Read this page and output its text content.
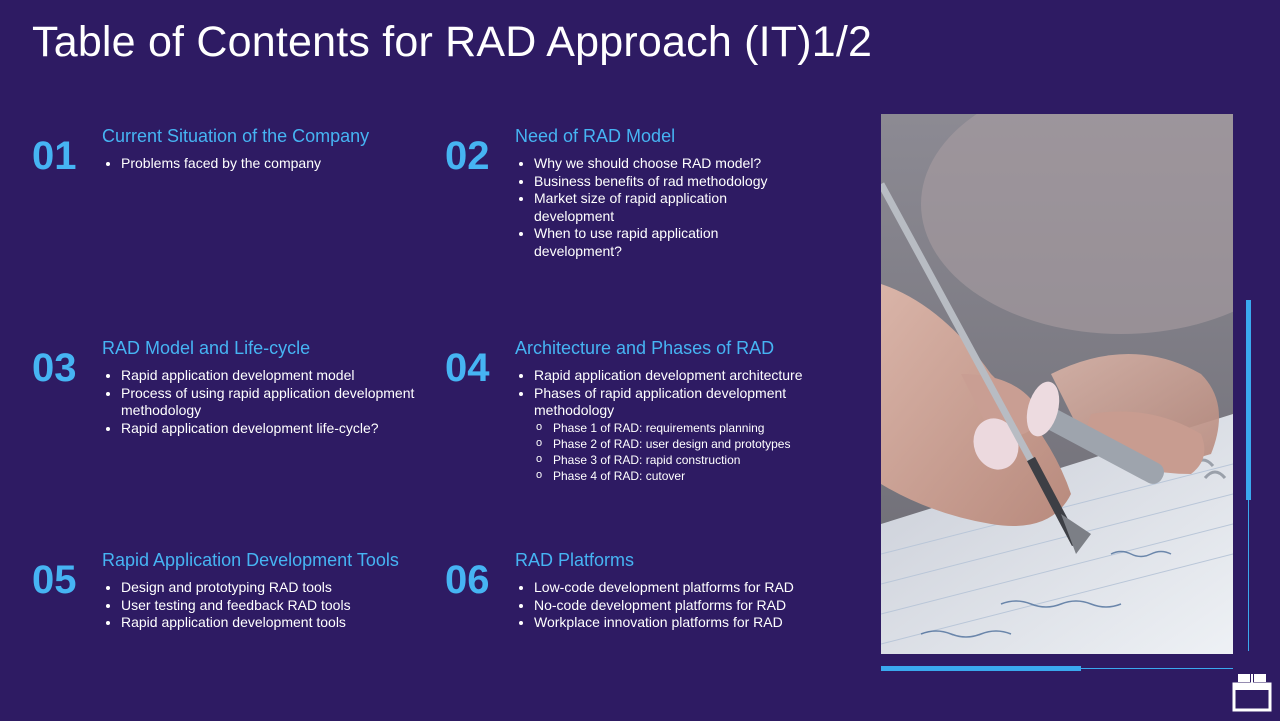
Table of Contents for RAD Approach (IT)1/2
01 Current Situation of the Company
• Problems faced by the company	02 Need of RAD Model
• Why we should choose RAD model?
• Business benefits of rad methodology
• Market size of rapid application development
• When to use rapid application development?
03 RAD Model and Life-cycle
• Rapid application development model
• Process of using rapid application development methodology
• Rapid application development life-cycle?
04 Architecture and Phases of RAD
• Rapid application development architecture
• Phases of rapid application development methodology
o Phase 1 of RAD: requirements planning
o Phase 2 of RAD: user design and prototypes
o Phase 3 of RAD: rapid construction
o Phase 4 of RAD: cutover
05 Rapid Application Development Tools
• Design and prototyping RAD tools
• User testing and feedback RAD tools
• Rapid application development tools
06 RAD Platforms
• Low-code development platforms for RAD
• No-code development platforms for RAD
• Workplace innovation platforms for RAD
